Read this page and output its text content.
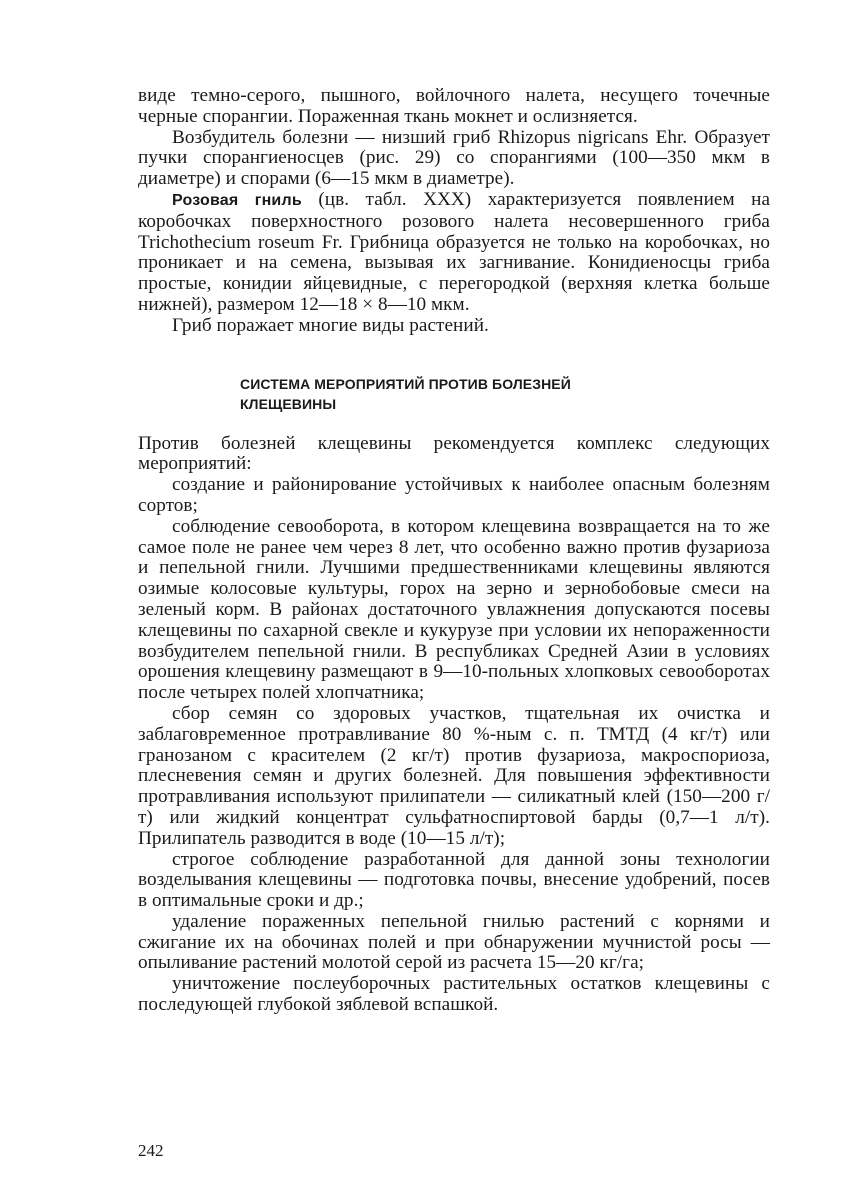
виде темно-серого, пышного, войлочного налета, несущего точечные черные спорангии. Пораженная ткань мокнет и ослизняется.

Возбудитель болезни — низший гриб Rhizopus nigricans Ehr. Образует пучки спорангиеносцев (рис. 29) со спорангиями (100—350 мкм в диаметре) и спорами (6—15 мкм в диаметре).

Розовая гниль (цв. табл. XXX) характеризуется появлением на коробочках поверхностного розового налета несовершенного гриба Trichothecium roseum Fr. Грибница образуется не только на коробочках, но проникает и на семена, вызывая их загнивание. Конидиеносцы гриба простые, конидии яйцевидные, с перегородкой (верхняя клетка больше нижней), размером 12—18 × 8—10 мкм.

Гриб поражает многие виды растений.

СИСТЕМА МЕРОПРИЯТИЙ ПРОТИВ БОЛЕЗНЕЙ
КЛЕЩЕВИНЫ

Против болезней клещевины рекомендуется комплекс следующих мероприятий:

создание и районирование устойчивых к наиболее опасным болезням сортов;

соблюдение севооборота, в котором клещевина возвращается на то же самое поле не ранее чем через 8 лет, что особенно важно против фузариоза и пепельной гнили. Лучшими предшественниками клещевины являются озимые колосовые культуры, горох на зерно и зернобобовые смеси на зеленый корм. В районах достаточного увлажнения допускаются посевы клещевины по сахарной свекле и кукурузе при условии их непораженности возбудителем пепельной гнили. В республиках Средней Азии в условиях орошения клещевину размещают в 9—10-польных хлопковых севооборотах после четырех полей хлопчатника;

сбор семян со здоровых участков, тщательная их очистка и заблаговременное протравливание 80 %-ным с. п. ТМТД (4 кг/т) или гранозаном с красителем (2 кг/т) против фузариоза, макроспориоза, плесневения семян и других болезней. Для повышения эффективности протравливания используют прилипатели — силикатный клей (150—200 г/т) или жидкий концентрат сульфатноспиртовой барды (0,7—1 л/т). Прилипатель разводится в воде (10—15 л/т);

строгое соблюдение разработанной для данной зоны технологии возделывания клещевины — подготовка почвы, внесение удобрений, посев в оптимальные сроки и др.;

удаление пораженных пепельной гнилью растений с корнями и сжигание их на обочинах полей и при обнаружении мучнистой росы — опыливание растений молотой серой из расчета 15—20 кг/га;

уничтожение послеуборочных растительных остатков клещевины с последующей глубокой зяблевой вспашкой.

242
